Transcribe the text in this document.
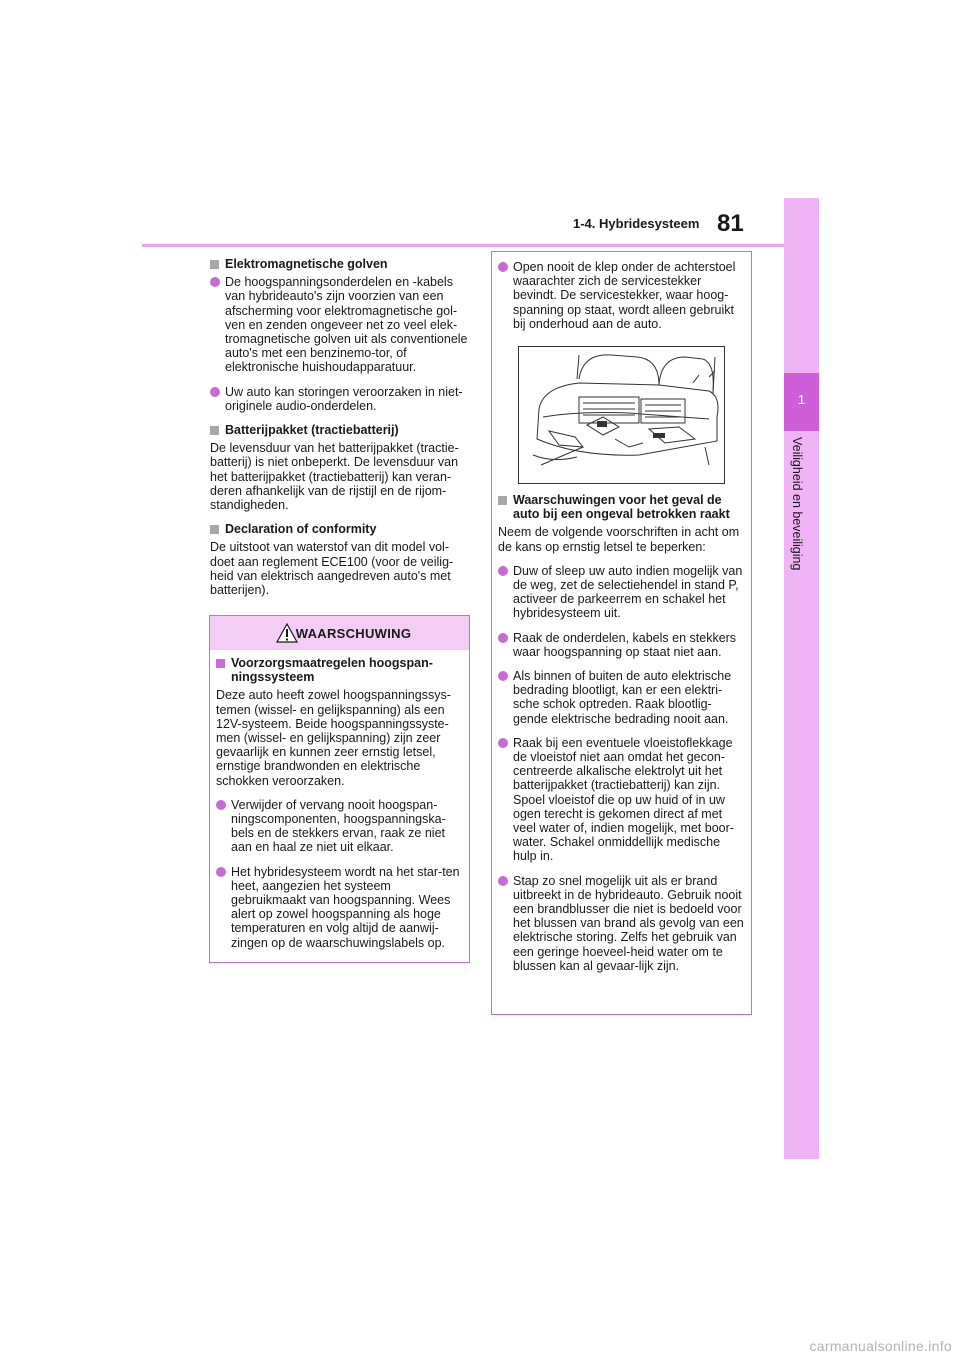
1-4. Hybridesysteem 81
1
Veiligheid en beveiliging
Elektromagnetische golven
De hoogspanningsonderdelen en -kabels van hybrideauto's zijn voorzien van een afscherming voor elektromagnetische gol-ven en zenden ongeveer net zo veel elek-tromagnetische golven uit als conventionele auto's met een benzinemo-tor, of elektronische huishoudapparatuur.
Uw auto kan storingen veroorzaken in niet-originele audio-onderdelen.
Batterijpakket (tractiebatterij)
De levensduur van het batterijpakket (tractie-batterij) is niet onbeperkt. De levensduur van het batterijpakket (tractiebatterij) kan veran-deren afhankelijk van de rijstijl en de rijom-standigheden.
Declaration of conformity
De uitstoot van waterstof van dit model vol-doet aan reglement ECE100 (voor de veilig-heid van elektrisch aangedreven auto's met batterijen).
WAARSCHUWING
Voorzorgsmaatregelen hoogspan-ningssysteem
Deze auto heeft zowel hoogspanningssys-temen (wissel- en gelijkspanning) als een 12V-systeem. Beide hoogspanningssyste-men (wissel- en gelijkspanning) zijn zeer gevaarlijk en kunnen zeer ernstig letsel, ernstige brandwonden en elektrische schokken veroorzaken.
Verwijder of vervang nooit hoogspan-ningscomponenten, hoogspanningska-bels en de stekkers ervan, raak ze niet aan en haal ze niet uit elkaar.
Het hybridesysteem wordt na het star-ten heet, aangezien het systeem gebruikmaakt van hoogspanning. Wees alert op zowel hoogspanning als hoge temperaturen en volg altijd de aanwij-zingen op de waarschuwingslabels op.
Open nooit de klep onder de achterstoel waarachter zich de servicestekker bevindt. De servicestekker, waar hoog-spanning op staat, wordt alleen gebruikt bij onderhoud aan de auto.
Waarschuwingen voor het geval de auto bij een ongeval betrokken raakt
Neem de volgende voorschriften in acht om de kans op ernstig letsel te beperken:
Duw of sleep uw auto indien mogelijk van de weg, zet de selectiehendel in stand P, activeer de parkeerrem en schakel het hybridesysteem uit.
Raak de onderdelen, kabels en stekkers waar hoogspanning op staat niet aan.
Als binnen of buiten de auto elektrische bedrading blootligt, kan er een elektri-sche schok optreden. Raak blootlig-gende elektrische bedrading nooit aan.
Raak bij een eventuele vloeistoflekkage de vloeistof niet aan omdat het gecon-centreerde alkalische elektrolyt uit het batterijpakket (tractiebatterij) kan zijn. Spoel vloeistof die op uw huid of in uw ogen terecht is gekomen direct af met veel water of, indien mogelijk, met boor-water. Schakel onmiddellijk medische hulp in.
Stap zo snel mogelijk uit als er brand uitbreekt in de hybrideauto. Gebruik nooit een brandblusser die niet is bedoeld voor het blussen van brand als gevolg van een elektrische storing. Zelfs het gebruik van een geringe hoeveel-heid water om te blussen kan al gevaar-lijk zijn.
carmanualsonline.info
